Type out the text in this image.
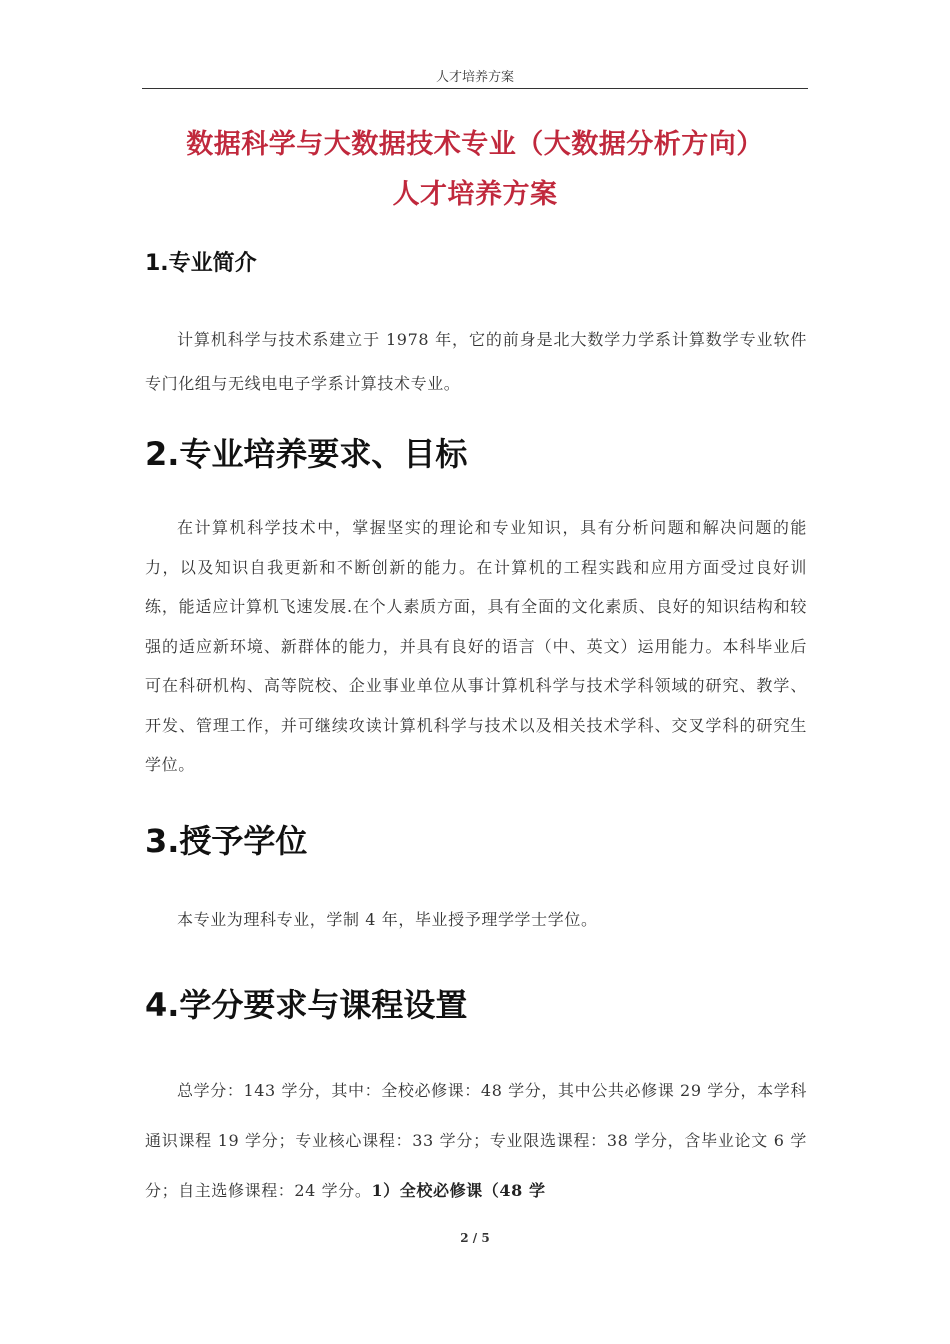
人才培养方案
数据科学与大数据技术专业（大数据分析方向）
人才培养方案
1.专业简介

计算机科学与技术系建立于 1978 年，它的前身是北大数学力学系计算数学专业软件专门化组与无线电电子学系计算技术专业。

2.专业培养要求、目标

在计算机科学技术中，掌握坚实的理论和专业知识，具有分析问题和解决问题的能力，以及知识自我更新和不断创新的能力。在计算机的工程实践和应用方面受过良好训练，能适应计算机飞速发展.在个人素质方面，具有全面的文化素质、良好的知识结构和较强的适应新环境、新群体的能力，并具有良好的语言（中、英文）运用能力。本科毕业后可在科研机构、高等院校、企业事业单位从事计算机科学与技术学科领域的研究、教学、开发、管理工作，并可继续攻读计算机科学与技术以及相关技术学科、交叉学科的研究生学位。

3.授予学位

本专业为理科专业，学制 4 年，毕业授予理学学士学位。

4.学分要求与课程设置

总学分：143 学分，其中：全校必修课：48 学分，其中公共必修课 29 学分，本学科通识课程 19 学分；专业核心课程：33 学分；专业限选课程：38 学分，含毕业论文 6 学分；自主选修课程：24 学分。1）全校必修课（48 学

2 / 5
